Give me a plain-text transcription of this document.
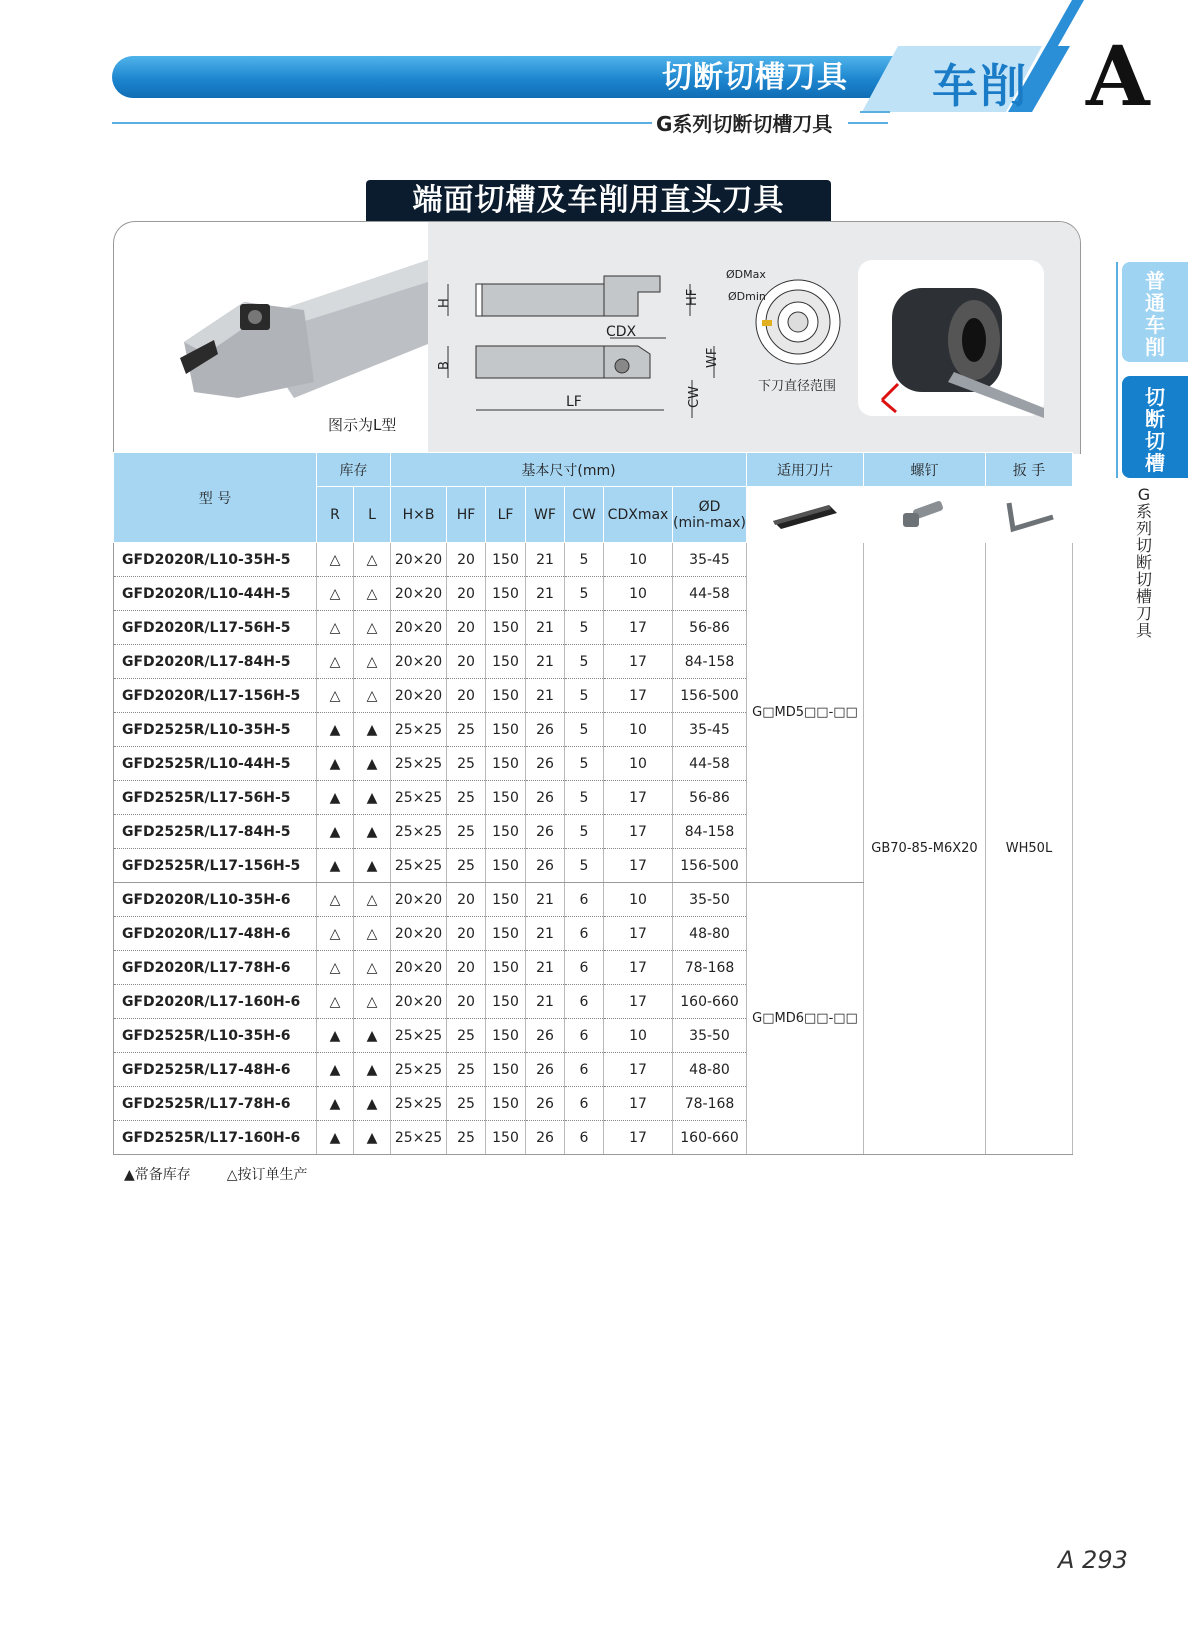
切断切槽刀具 车削 A
G系列切断切槽刀具
端面切槽及车削用直头刀具
图示为L型
H	HF
CDX
B	WF
LF	CW
ØDMax
ØDmin
下刀直径范围
普通车削
切断切槽
G系列切断切槽刀具
型 号	库存		基本尺寸(mm)							适用刀片	螺钉	扳 手
	R	L	H×B	HF	LF	WF	CW	CDXmax	ØD
(min-max)			
GFD2020R/L10-35H-5	△	△	20×20	20	150	21	5	10	35-45	G□MD5□□-□□	GB70-85-M6X20	WH50L
GFD2020R/L10-44H-5	△	△	20×20	20	150	21	5	10	44-58			
GFD2020R/L17-56H-5	△	△	20×20	20	150	21	5	17	56-86			
GFD2020R/L17-84H-5	△	△	20×20	20	150	21	5	17	84-158			
GFD2020R/L17-156H-5	△	△	20×20	20	150	21	5	17	156-500			
GFD2525R/L10-35H-5	▲	▲	25×25	25	150	26	5	10	35-45			
GFD2525R/L10-44H-5	▲	▲	25×25	25	150	26	5	10	44-58			
GFD2525R/L17-56H-5	▲	▲	25×25	25	150	26	5	17	56-86			
GFD2525R/L17-84H-5	▲	▲	25×25	25	150	26	5	17	84-158			
GFD2525R/L17-156H-5	▲	▲	25×25	25	150	26	5	17	156-500			
GFD2020R/L10-35H-6	△	△	20×20	20	150	21	6	10	35-50	G□MD6□□-□□		
GFD2020R/L17-48H-6	△	△	20×20	20	150	21	6	17	48-80			
GFD2020R/L17-78H-6	△	△	20×20	20	150	21	6	17	78-168			
GFD2020R/L17-160H-6	△	△	20×20	20	150	21	6	17	160-660			
GFD2525R/L10-35H-6	▲	▲	25×25	25	150	26	6	10	35-50			
GFD2525R/L17-48H-6	▲	▲	25×25	25	150	26	6	17	48-80			
GFD2525R/L17-78H-6	▲	▲	25×25	25	150	26	6	17	78-168			
GFD2525R/L17-160H-6	▲	▲	25×25	25	150	26	6	17	160-660			
▲常备库存	△按订单生产
A 293
